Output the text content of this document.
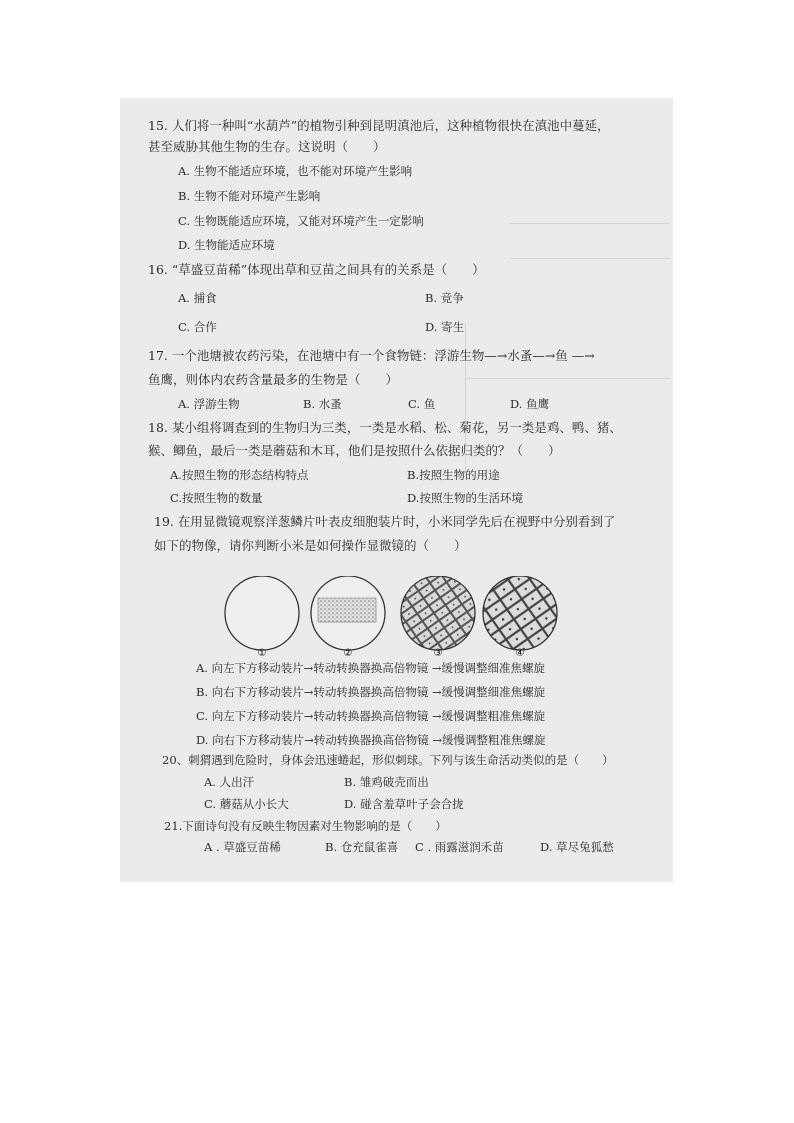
15. 人们将一种叫“水葫芦”的植物引种到昆明滇池后，这种植物很快在滇池中蔓延，
甚至威胁其他生物的生存。这说明（　　）
A. 生物不能适应环境，也不能对环境产生影响
B. 生物不能对环境产生影响
C. 生物既能适应环境，又能对环境产生一定影响
D. 生物能适应环境
16. “草盛豆苗稀”体现出草和豆苗之间具有的关系是（　　）
A. 捕食	B. 竞争
C. 合作	D. 寄生
17. 一个池塘被农药污染，在池塘中有一个食物链：浮游生物—→水蚤—→鱼 —→
鱼鹰，则体内农药含量最多的生物是（　　）
A. 浮游生物	B. 水蚤	C. 鱼	D. 鱼鹰
18. 某小组将调查到的生物归为三类，一类是水稻、松、菊花，另一类是鸡、鸭、猪、
猴、鲫鱼，最后一类是蘑菇和木耳，他们是按照什么依据归类的？（　　）
A.按照生物的形态结构特点	B.按照生物的用途
C.按照生物的数量	D.按照生物的生活环境
19. 在用显微镜观察洋葱鳞片叶表皮细胞装片时，小米同学先后在视野中分别看到了
如下的物像，请你判断小米是如何操作显微镜的（　　）
①	②	③	④
A. 向左下方移动装片→转动转换器换高倍物镜 →缓慢调整细准焦螺旋
B. 向右下方移动装片→转动转换器换高倍物镜 →缓慢调整细准焦螺旋
C. 向左下方移动装片→转动转换器换高倍物镜 →缓慢调整粗准焦螺旋
D. 向右下方移动装片→转动转换器换高倍物镜 →缓慢调整粗准焦螺旋
20、刺猬遇到危险时，身体会迅速蜷起，形似刺球。下列与该生命活动类似的是（　　）
A. 人出汗	B. 雏鸡破壳而出
C. 蘑菇从小长大	D. 碰含羞草叶子会合拢
21.下面诗句没有反映生物因素对生物影响的是（　　）
A . 草盛豆苗稀	B. 仓充鼠雀喜 C . 雨露滋润禾苗	D. 草尽兔狐愁
